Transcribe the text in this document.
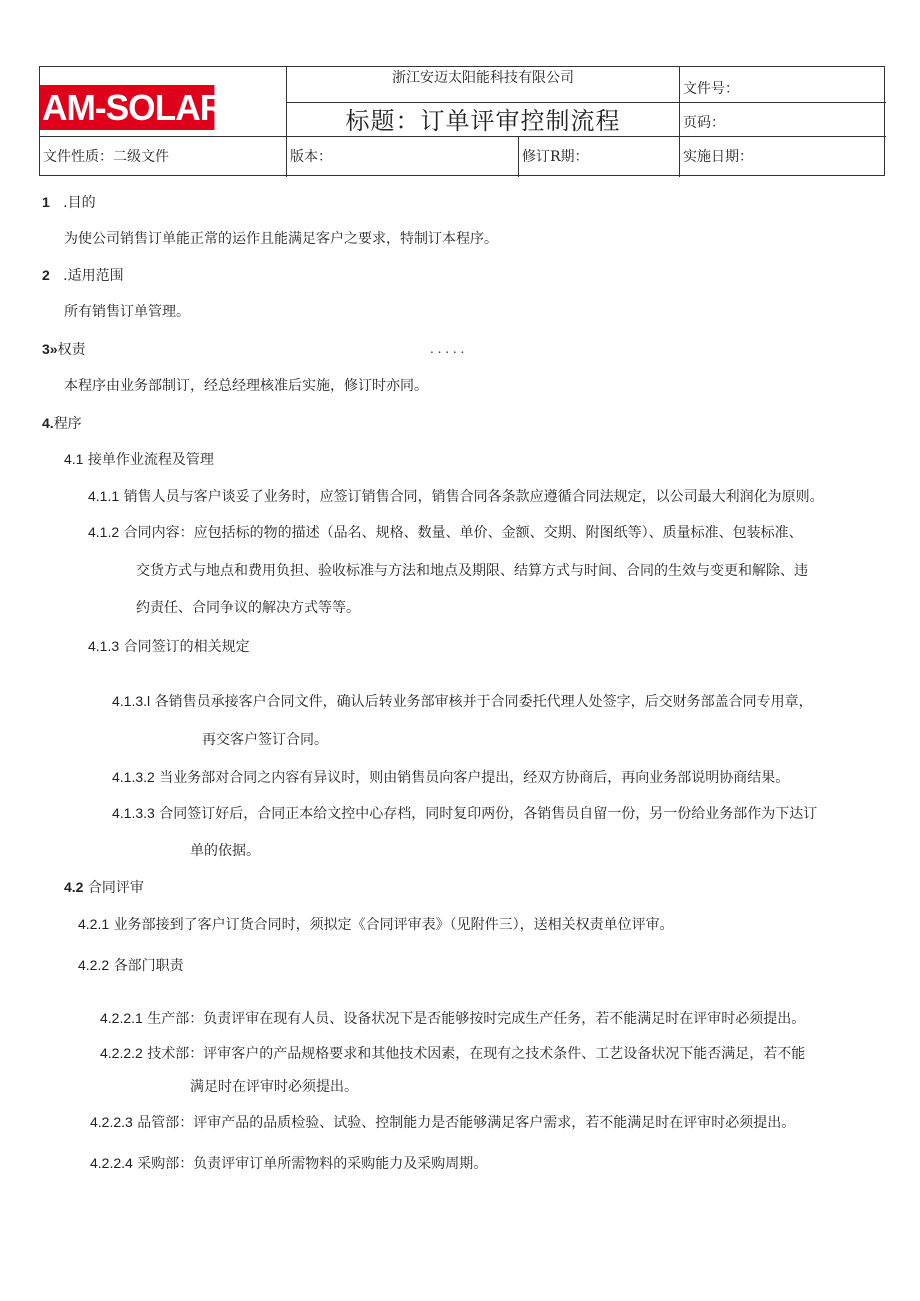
AM-SOLARI
浙江安迈太阳能科技有限公司
标题：订单评审控制流程
文件号：
页码：
文件性质：二级文件	版本：	修订R期：	实施日期：
1 .目的
为使公司销售订单能正常的运作且能满足客户之要求，特制订本程序。
2 .适用范围
所有销售订单管理。
3»权责	. . . . .
本程序由业务部制订，经总经理核准后实施，修订时亦同。
4.程序
4.1 接单作业流程及管理
4.1.1 销售人员与客户谈妥了业务时，应签订销售合同，销售合同各条款应遵循合同法规定，以公司最大利润化为原则。
4.1.2 合同内容：应包括标的物的描述（品名、规格、数量、单价、金额、交期、附图纸等）、质量标准、包装标准、
交货方式与地点和费用负担、验收标准与方法和地点及期限、结算方式与时间、合同的生效与变更和解除、违
约责任、合同争议的解决方式等等。
4.1.3 合同签订的相关规定
4.1.3.l 各销售员承接客户合同文件，确认后转业务部审核并于合同委托代理人处签字，后交财务部盖合同专用章，
再交客户签订合同。
4.1.3.2 当业务部对合同之内容有异议时，则由销售员向客户提出，经双方协商后，再向业务部说明协商结果。
4.1.3.3 合同签订好后，合同正本给文控中心存档，同时复印两份，各销售员自留一份，另一份给业务部作为下达订
单的依据。
4.2 合同评审
4.2.1 业务部接到了客户订货合同时，须拟定《合同评审表》（见附件三），送相关权责单位评审。
4.2.2 各部门职责
4.2.2.1 生产部：负责评审在现有人员、设备状况下是否能够按时完成生产任务，若不能满足时在评审时必须提出。
4.2.2.2 技术部：评审客户的产品规格要求和其他技术因素，在现有之技术条件、工艺设备状况下能否满足，若不能
满足时在评审时必须提出。
4.2.2.3 品管部：评审产品的品质检验、试验、控制能力是否能够满足客户需求，若不能满足时在评审时必须提出。
4.2.2.4 采购部：负责评审订单所需物料的采购能力及采购周期。
